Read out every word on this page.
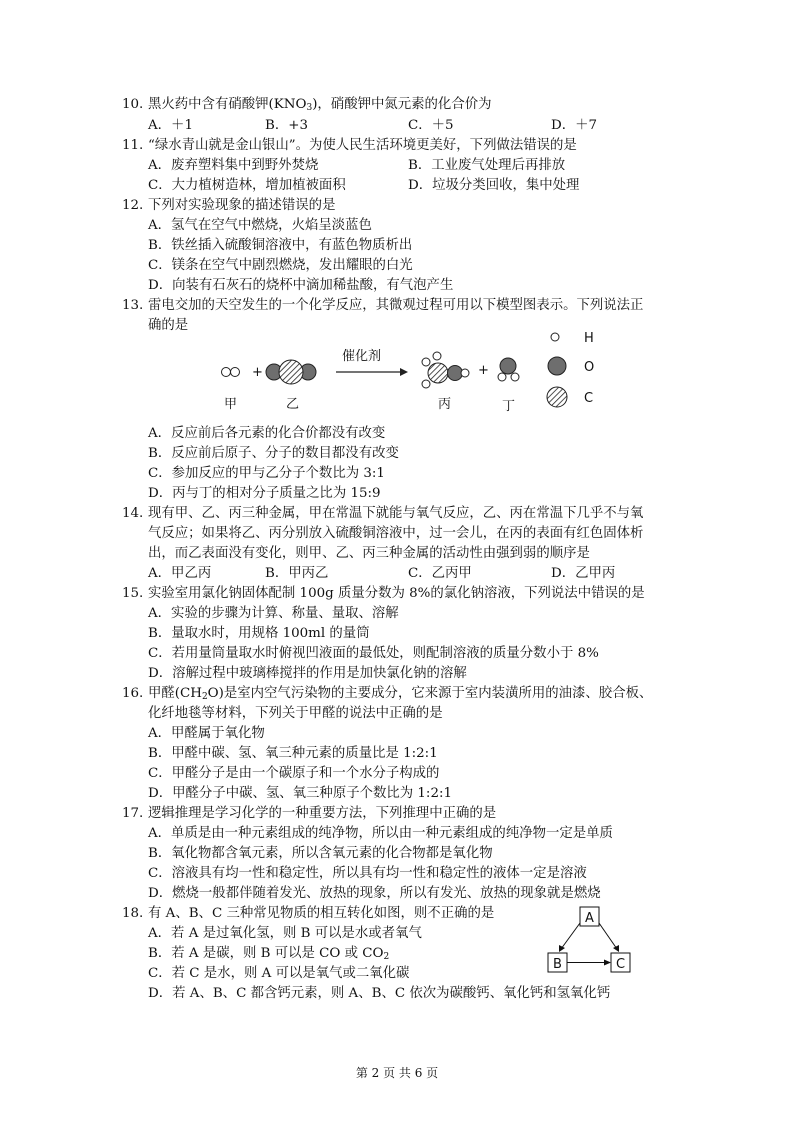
10. 黑火药中含有硝酸钾$(KNO_3)$，硝酸钾中氮元素的化合价为
A．＋1	B．+3	C．＋5	D．＋7
11. “绿水青山就是金山银山”。为使人民生活环境更美好，下列做法错误的是
A．废弃塑料集中到野外焚烧	B．工业废气处理后再排放
C．大力植树造林，增加植被面积	D．垃圾分类回收，集中处理
12. 下列对实验现象的描述错误的是
A．氢气在空气中燃烧，火焰呈淡蓝色
B．铁丝插入硫酸铜溶液中，有蓝色物质析出
C．镁条在空气中剧烈燃烧，发出耀眼的白光
D．向装有石灰石的烧杯中滴加稀盐酸，有气泡产生
13. 雷电交加的天空发生的一个化学反应，其微观过程可用以下模型图表示。下列说法正
确的是
+
催化剂
+
甲	乙	丙	丁
H
O
C
A．反应前后各元素的化合价都没有改变
B．反应前后原子、分子的数目都没有改变
C．参加反应的甲与乙分子个数比为 3:1
D．丙与丁的相对分子质量之比为 15:9
14. 现有甲、乙、丙三种金属，甲在常温下就能与氧气反应，乙、丙在常温下几乎不与氧
气反应；如果将乙、丙分别放入硫酸铜溶液中，过一会儿，在丙的表面有红色固体析
出，而乙表面没有变化，则甲、乙、丙三种金属的活动性由强到弱的顺序是
A．甲乙丙	B．甲丙乙	C．乙丙甲	D．乙甲丙
15. 实验室用氯化钠固体配制 100g 质量分数为 8%的氯化钠溶液，下列说法中错误的是
A．实验的步骤为计算、称量、量取、溶解
B．量取水时，用规格 100ml 的量筒
C．若用量筒量取水时俯视凹液面的最低处，则配制溶液的质量分数小于 8%
D．溶解过程中玻璃棒搅拌的作用是加快氯化钠的溶解
16. 甲醛$(CH_2O)$是室内空气污染物的主要成分，它来源于室内装潢所用的油漆、胶合板、
化纤地毯等材料，下列关于甲醛的说法中正确的是
A．甲醛属于氧化物
B．甲醛中碳、氢、氧三种元素的质量比是 1:2:1
C．甲醛分子是由一个碳原子和一个水分子构成的
D．甲醛分子中碳、氢、氧三种原子个数比为 1:2:1
17. 逻辑推理是学习化学的一种重要方法，下列推理中正确的是
A．单质是由一种元素组成的纯净物，所以由一种元素组成的纯净物一定是单质
B．氧化物都含氧元素，所以含氧元素的化合物都是氧化物
C．溶液具有均一性和稳定性，所以具有均一性和稳定性的液体一定是溶液
D．燃烧一般都伴随着发光、放热的现象，所以有发光、放热的现象就是燃烧
18. 有 A、B、C 三种常见物质的相互转化如图，则不正确的是
A．若 A 是过氧化氢，则 B 可以是水或者氧气
B．若 A 是碳，则 B 可以是 CO 或 $CO_2$
C．若 C 是水，则 A 可以是氧气或二氧化碳
D．若 A、B、C 都含钙元素，则 A、B、C 依次为碳酸钙、氧化钙和氢氧化钙
A
B	C
第 2 页 共 6 页
